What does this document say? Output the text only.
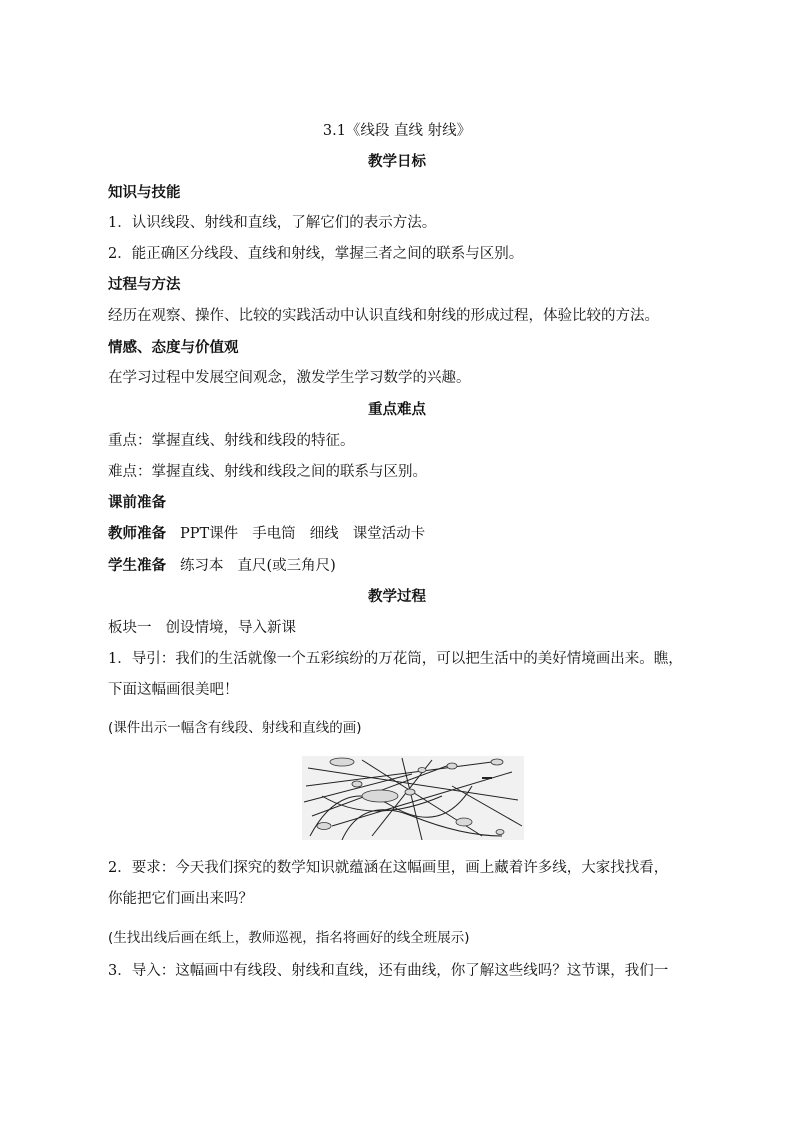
3.1《线段 直线 射线》
教学日标
知识与技能
1．认识线段、射线和直线，了解它们的表示方法。
2．能正确区分线段、直线和射线，掌握三者之间的联系与区别。
过程与方法
经历在观察、操作、比较的实践活动中认识直线和射线的形成过程，体验比较的方法。
情感、态度与价值观
在学习过程中发展空间观念，激发学生学习数学的兴趣。
重点难点
重点：掌握直线、射线和线段的特征。
难点：掌握直线、射线和线段之间的联系与区别。
课前准备
教师准备 PPT课件 手电筒 细线 课堂活动卡
学生准备 练习本 直尺(或三角尺)
教学过程
板块一 创设情境，导入新课
1．导引：我们的生活就像一个五彩缤纷的万花筒，可以把生活中的美好情境画出来。瞧，
下面这幅画很美吧！
(课件出示一幅含有线段、射线和直线的画)
2．要求：今天我们探究的数学知识就蕴涵在这幅画里，画上藏着许多线，大家找找看，
你能把它们画出来吗？
(生找出线后画在纸上，教师巡视，指名将画好的线全班展示)
3．导入：这幅画中有线段、射线和直线，还有曲线，你了解这些线吗？这节课，我们一
